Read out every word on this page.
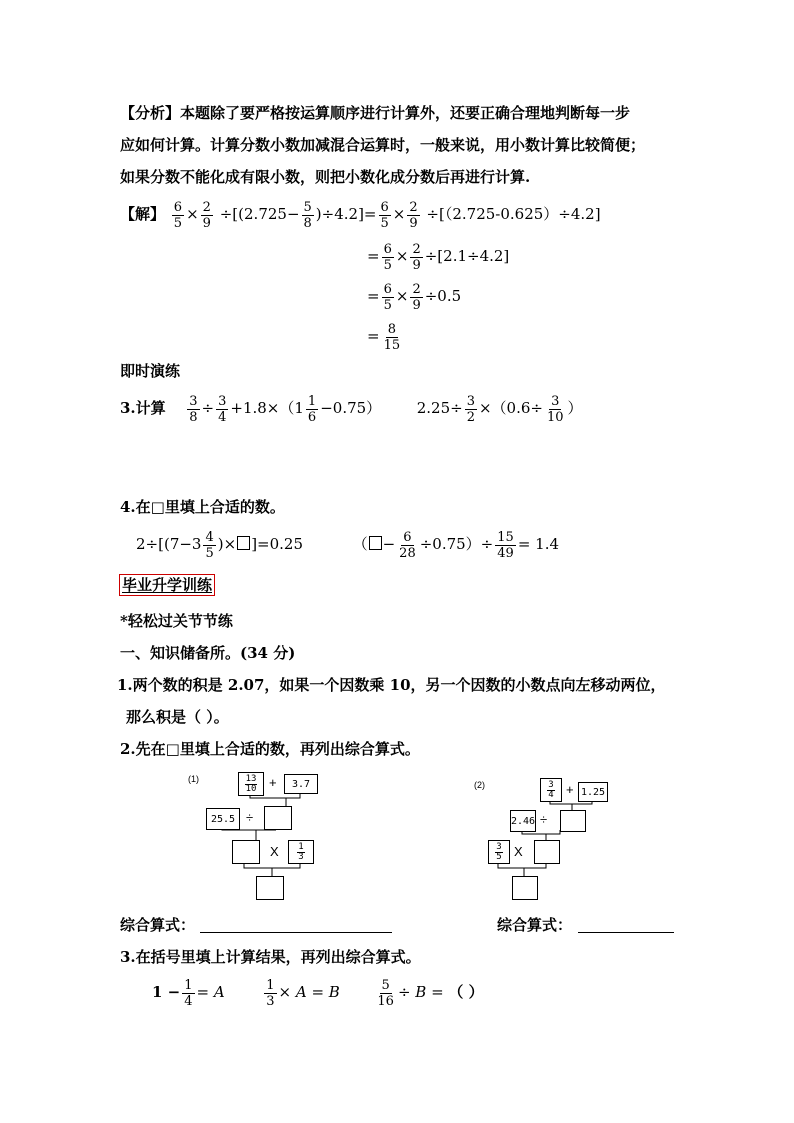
【分析】本题除了要严格按运算顺序进行计算外，还要正确合理地判断每一步
应如何计算。计算分数小数加减混合运算时，一般来说，用小数计算比较简便；
如果分数不能化成有限小数，则把小数化成分数后再进行计算.
【解】 $\frac{6}{5} \times \frac{2}{9} \div[(2.725- \frac{5}{8} )\div 4.2]= \frac{6}{5} \times \frac{2}{9} \div[(2.725-0.625)\div 4.2]$
= $\frac{6}{5} \times \frac{2}{9} \div[2.1\div 4.2]$
= $\frac{6}{5} \times \frac{2}{9} \div 0.5$
= $\frac{8}{15}$
即时演练
3.计算 $\frac{3}{8} \div \frac{3}{4} +1.8\times(1 \frac{1}{6} -0.75)$ $2.25\div \frac{3}{2} \times(0.6\div \frac{3}{10}$ ）
4.在□里填上合适的数。
$2\div[(7-3 \frac{4}{5}$ )× ]=0.25	（ − $\frac{6}{28} \div 0.75)\div \frac{15}{49} = 1.4$
毕业升学训练
*轻松过关节节练
一、知识储备所。(34 分)
1.两个数的积是 2.07，如果一个因数乘 10，另一个因数的小数点向左移动两位，
那么积是（ ）。
2.先在□里填上合适的数，再列出综合算式。
(1)	$\frac{13}{10}$ +	3.7
25.5 ÷
X $\frac{1}{3}$
(2)	$\frac{3}{4} + 1.25$
2.46 ÷
$\frac{3}{5}$ X
综合算式：	综合算式：
3.在括号里填上计算结果，再列出综合算式。
$1 - \frac{1}{4} = A$	$\frac{1}{3} \times A = B$	$\frac{5}{16} \div B$ = （ ）
